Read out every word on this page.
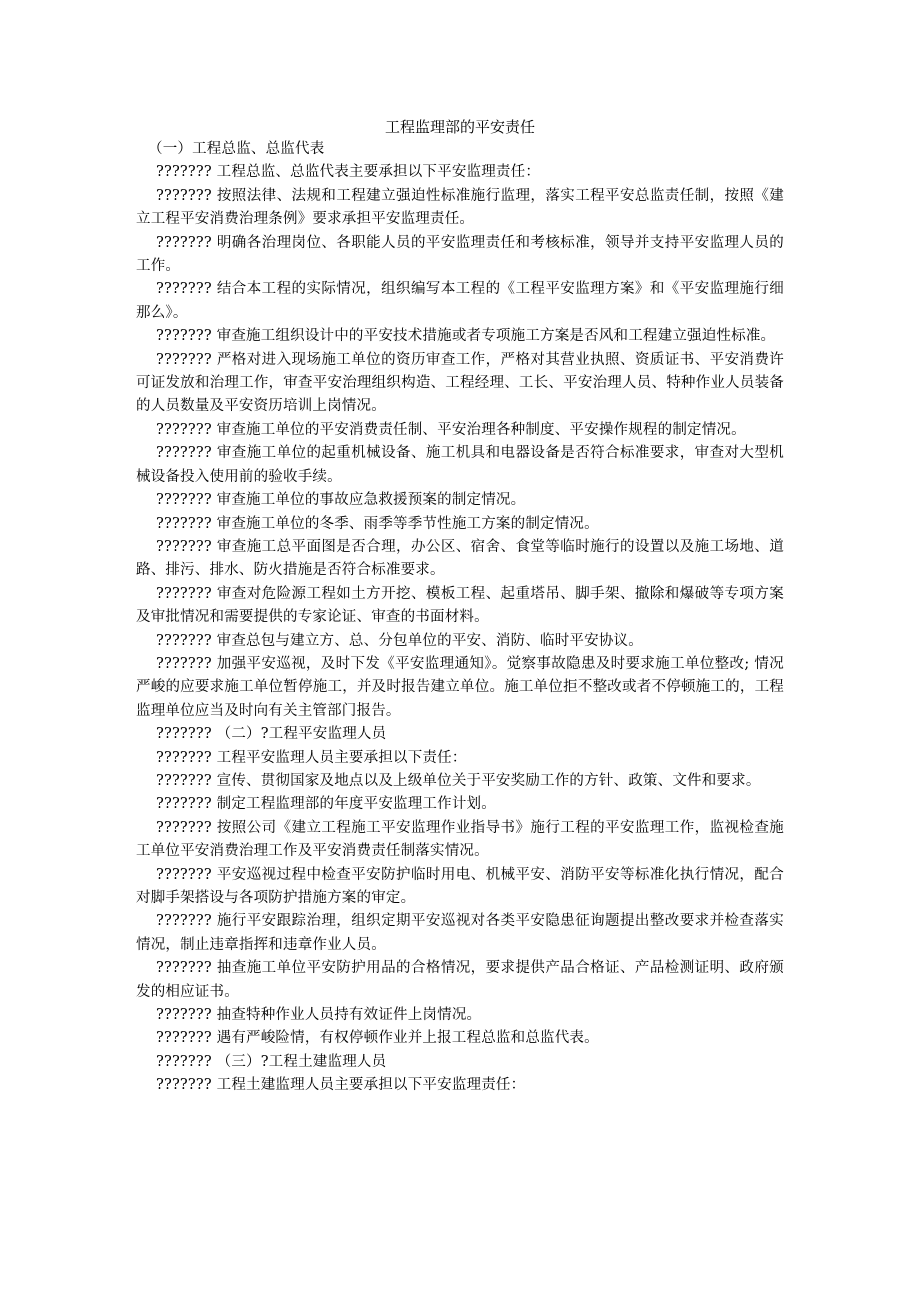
工程监理部的平安责任

（一）工程总监、总监代表

??????? 工程总监、总监代表主要承担以下平安监理责任：

??????? 按照法律、法规和工程建立强迫性标准施行监理，落实工程平安总监责任制，按照《建立工程平安消费治理条例》要求承担平安监理责任。

??????? 明确各治理岗位、各职能人员的平安监理责任和考核标准，领导并支持平安监理人员的工作。

??????? 结合本工程的实际情况，组织编写本工程的《工程平安监理方案》和《平安监理施行细那么》。

??????? 审查施工组织设计中的平安技术措施或者专项施工方案是否风和工程建立强迫性标准。

??????? 严格对进入现场施工单位的资历审查工作，严格对其营业执照、资质证书、平安消费许可证发放和治理工作，审查平安治理组织构造、工程经理、工长、平安治理人员、特种作业人员装备的人员数量及平安资历培训上岗情况。

??????? 审查施工单位的平安消费责任制、平安治理各种制度、平安操作规程的制定情况。

??????? 审查施工单位的起重机械设备、施工机具和电器设备是否符合标准要求，审查对大型机械设备投入使用前的验收手续。

??????? 审查施工单位的事故应急救援预案的制定情况。

??????? 审查施工单位的冬季、雨季等季节性施工方案的制定情况。

??????? 审查施工总平面图是否合理，办公区、宿舍、食堂等临时施行的设置以及施工场地、道路、排污、排水、防火措施是否符合标准要求。

??????? 审查对危险源工程如土方开挖、模板工程、起重塔吊、脚手架、撤除和爆破等专项方案及审批情况和需要提供的专家论证、审查的书面材料。

??????? 审查总包与建立方、总、分包单位的平安、消防、临时平安协议。

??????? 加强平安巡视，及时下发《平安监理通知》。觉察事故隐患及时要求施工单位整改; 情况严峻的应要求施工单位暂停施工，并及时报告建立单位。施工单位拒不整改或者不停顿施工的，工程监理单位应当及时向有关主管部门报告。

??????? （二）?工程平安监理人员

??????? 工程平安监理人员主要承担以下责任：

??????? 宣传、贯彻国家及地点以及上级单位关于平安奖励工作的方针、政策、文件和要求。

??????? 制定工程监理部的年度平安监理工作计划。

??????? 按照公司《建立工程施工平安监理作业指导书》施行工程的平安监理工作，监视检查施工单位平安消费治理工作及平安消费责任制落实情况。

??????? 平安巡视过程中检查平安防护临时用电、机械平安、消防平安等标准化执行情况，配合对脚手架搭设与各项防护措施方案的审定。

??????? 施行平安跟踪治理，组织定期平安巡视对各类平安隐患征询题提出整改要求并检查落实情况，制止违章指挥和违章作业人员。

??????? 抽查施工单位平安防护用品的合格情况，要求提供产品合格证、产品检测证明、政府颁发的相应证书。

??????? 抽查特种作业人员持有效证件上岗情况。

??????? 遇有严峻险情，有权停顿作业并上报工程总监和总监代表。

??????? （三）?工程土建监理人员

??????? 工程土建监理人员主要承担以下平安监理责任：
